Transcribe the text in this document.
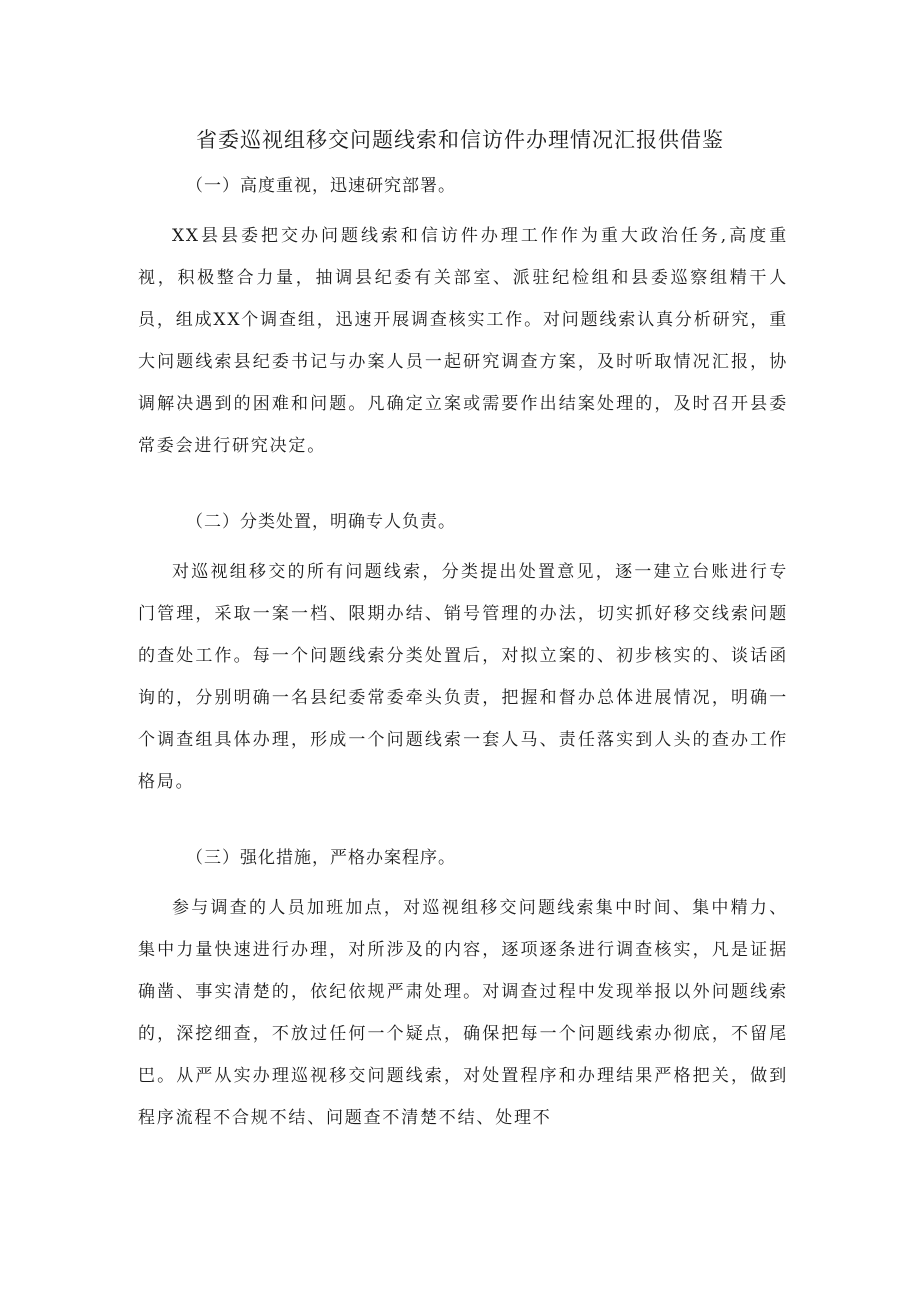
省委巡视组移交问题线索和信访件办理情况汇报供借鉴
（一）高度重视，迅速研究部署。
XX县县委把交办问题线索和信访件办理工作作为重大政治任务,高度重视，积极整合力量，抽调县纪委有关部室、派驻纪检组和县委巡察组精干人员，组成XX个调查组，迅速开展调查核实工作。对问题线索认真分析研究，重大问题线索县纪委书记与办案人员一起研究调查方案，及时听取情况汇报，协调解决遇到的困难和问题。凡确定立案或需要作出结案处理的，及时召开县委常委会进行研究决定。
（二）分类处置，明确专人负责。
对巡视组移交的所有问题线索，分类提出处置意见，逐一建立台账进行专门管理，采取一案一档、限期办结、销号管理的办法，切实抓好移交线索问题的查处工作。每一个问题线索分类处置后，对拟立案的、初步核实的、谈话函询的，分别明确一名县纪委常委牵头负责，把握和督办总体进展情况，明确一个调查组具体办理，形成一个问题线索一套人马、责任落实到人头的查办工作格局。
（三）强化措施，严格办案程序。
参与调查的人员加班加点，对巡视组移交问题线索集中时间、集中精力、集中力量快速进行办理，对所涉及的内容，逐项逐条进行调查核实，凡是证据确凿、事实清楚的，依纪依规严肃处理。对调查过程中发现举报以外问题线索的，深挖细查，不放过任何一个疑点，确保把每一个问题线索办彻底，不留尾巴。从严从实办理巡视移交问题线索，对处置程序和办理结果严格把关，做到程序流程不合规不结、问题查不清楚不结、处理不
